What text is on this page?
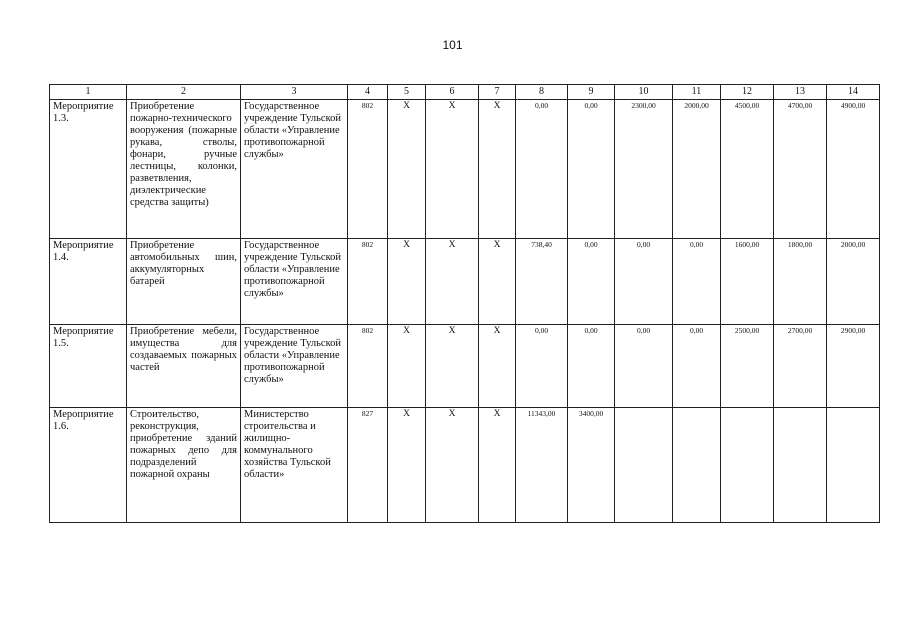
101
1	2	3	4	5	6	7	8	9	10	11	12	13	14
Мероприятие 1.3.	Приобретение пожарно-технического вооружения (пожарные рукава, стволы, фонари, ручные лестницы, колонки, разветвления, диэлектрические средства защиты)	Государственное учреждение Тульской области «Управление противопожарной службы»	802	X	X	X	0,00	0,00	2300,00	2000,00	4500,00	4700,00	4900,00
Мероприятие 1.4.	Приобретение автомобильных шин, аккумуляторных батарей	Государственное учреждение Тульской области «Управление противопожарной службы»	802	X	X	X	738,40	0,00	0,00	0,00	1600,00	1800,00	2000,00
Мероприятие 1.5.	Приобретение мебели, имущества для создаваемых пожарных частей	Государственное учреждение Тульской области «Управление противопожарной службы»	802	X	X	X	0,00	0,00	0,00	0,00	2500,00	2700,00	2900,00
Мероприятие 1.6.	Строительство, реконструкция, приобретение зданий пожарных депо для подразделений пожарной охраны	Министерство строительства и жилищно-коммунального хозяйства Тульской области»	827	X	X	X	11343,00	3400,00					
